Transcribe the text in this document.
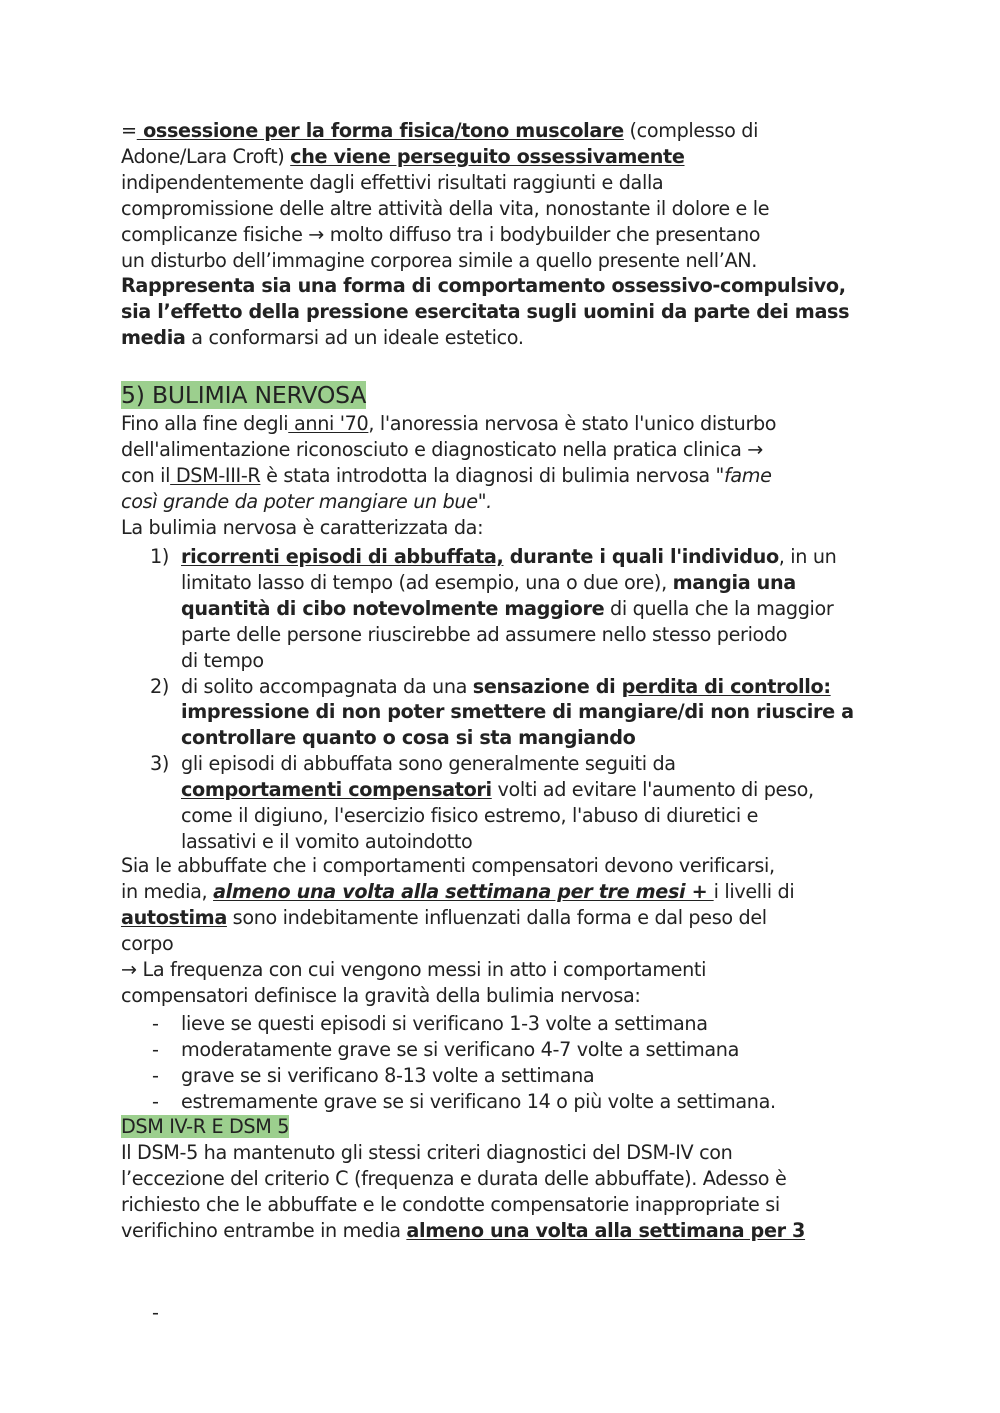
= ossessione per la forma fisica/tono muscolare (complesso di
Adone/Lara Croft) che viene perseguito ossessivamente
indipendentemente dagli effettivi risultati raggiunti e dalla
compromissione delle altre attività della vita, nonostante il dolore e le
complicanze fisiche → molto diffuso tra i bodybuilder che presentano
un disturbo dell’immagine corporea simile a quello presente nell’AN.
Rappresenta sia una forma di comportamento ossessivo-compulsivo,
sia l’effetto della pressione esercitata sugli uomini da parte dei mass
media a conformarsi ad un ideale estetico.
5) BULIMIA NERVOSA
Fino alla fine degli anni '70, l'anoressia nervosa è stato l'unico disturbo
dell'alimentazione riconosciuto e diagnosticato nella pratica clinica →
con il DSM-III-R è stata introdotta la diagnosi di bulimia nervosa "fame
così grande da poter mangiare un bue".
La bulimia nervosa è caratterizzata da:
1) ricorrenti episodi di abbuffata, durante i quali l'individuo, in un
limitato lasso di tempo (ad esempio, una o due ore), mangia una
quantità di cibo notevolmente maggiore di quella che la maggior
parte delle persone riuscirebbe ad assumere nello stesso periodo
di tempo
2) di solito accompagnata da una sensazione di perdita di controllo:
impressione di non poter smettere di mangiare/di non riuscire a
controllare quanto o cosa si sta mangiando
3) gli episodi di abbuffata sono generalmente seguiti da
comportamenti compensatori volti ad evitare l'aumento di peso,
come il digiuno, l'esercizio fisico estremo, l'abuso di diuretici e
lassativi e il vomito autoindotto
Sia le abbuffate che i comportamenti compensatori devono verificarsi,
in media, almeno una volta alla settimana per tre mesi + i livelli di
autostima sono indebitamente influenzati dalla forma e dal peso del
corpo
→ La frequenza con cui vengono messi in atto i comportamenti
compensatori definisce la gravità della bulimia nervosa:
- lieve se questi episodi si verificano 1-3 volte a settimana
- moderatamente grave se si verificano 4-7 volte a settimana
- grave se si verificano 8-13 volte a settimana
- estremamente grave se si verificano 14 o più volte a settimana.
DSM IV-R E DSM 5
Il DSM-5 ha mantenuto gli stessi criteri diagnostici del DSM-IV con
l’eccezione del criterio C (frequenza e durata delle abbuffate). Adesso è
richiesto che le abbuffate e le condotte compensatorie inappropriate si
verifichino entrambe in media almeno una volta alla settimana per 3
-
